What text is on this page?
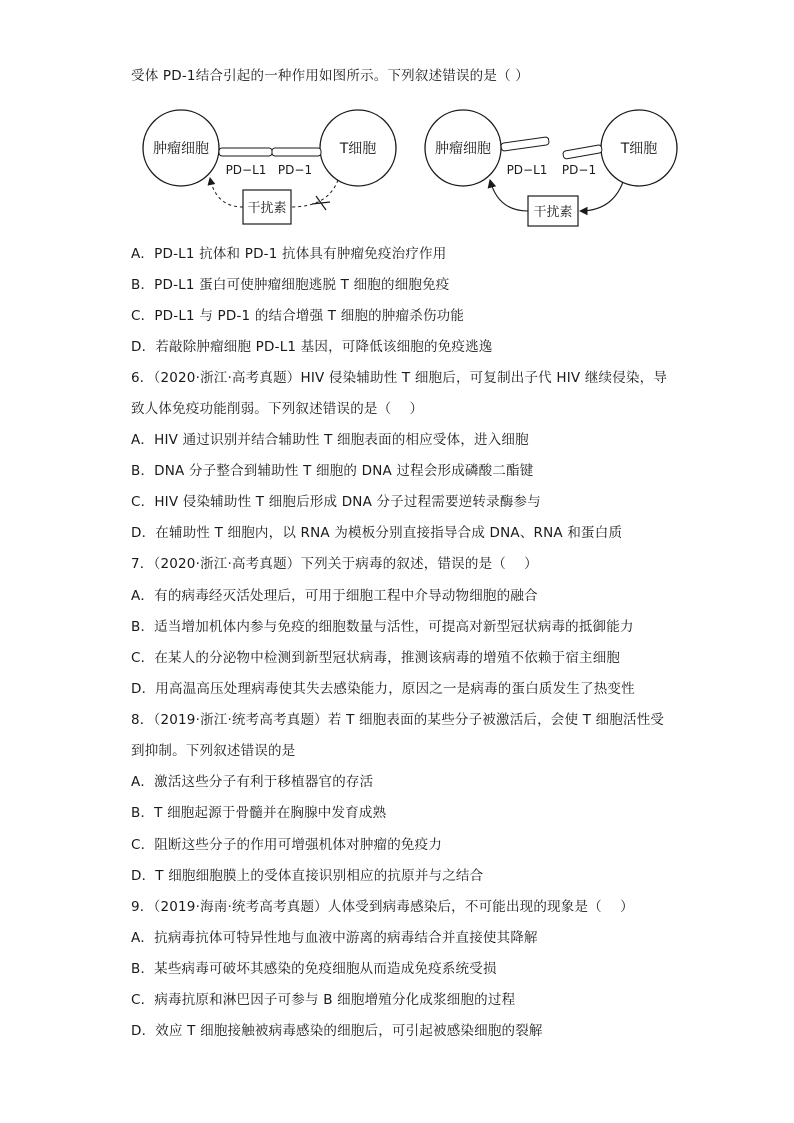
受体 PD-1结合引起的一种作用如图所示。下列叙述错误的是（ ）
肿瘤细胞	T细胞
PD−L1 PD−1
干扰素
肿瘤细胞	T细胞
PD−L1 PD−1
干扰素
A．PD-L1 抗体和 PD-1 抗体具有肿瘤免疫治疗作用
B．PD-L1 蛋白可使肿瘤细胞逃脱 T 细胞的细胞免疫
C．PD-L1 与 PD-1 的结合增强 T 细胞的肿瘤杀伤功能
D．若敲除肿瘤细胞 PD-L1 基因，可降低该细胞的免疫逃逸
6．（2020·浙江·高考真题）HIV 侵染辅助性 T 细胞后，可复制出子代 HIV 继续侵染，导
致人体免疫功能削弱。下列叙述错误的是（　 ）
A．HIV 通过识别并结合辅助性 T 细胞表面的相应受体，进入细胞
B．DNA 分子整合到辅助性 T 细胞的 DNA 过程会形成磷酸二酯键
C．HIV 侵染辅助性 T 细胞后形成 DNA 分子过程需要逆转录酶参与
D．在辅助性 T 细胞内，以 RNA 为模板分别直接指导合成 DNA、RNA 和蛋白质
7．（2020·浙江·高考真题）下列关于病毒的叙述，错误的是（　 ）
A．有的病毒经灭活处理后，可用于细胞工程中介导动物细胞的融合
B．适当增加机体内参与免疫的细胞数量与活性，可提高对新型冠状病毒的抵御能力
C．在某人的分泌物中检测到新型冠状病毒，推测该病毒的增殖不依赖于宿主细胞
D．用高温高压处理病毒使其失去感染能力，原因之一是病毒的蛋白质发生了热变性
8．（2019·浙江·统考高考真题）若 T 细胞表面的某些分子被激活后，会使 T 细胞活性受
到抑制。下列叙述错误的是
A．激活这些分子有利于移植器官的存活
B．T 细胞起源于骨髓并在胸腺中发育成熟
C．阻断这些分子的作用可增强机体对肿瘤的免疫力
D．T 细胞细胞膜上的受体直接识别相应的抗原并与之结合
9．（2019·海南·统考高考真题）人体受到病毒感染后，不可能出现的现象是（　 ）
A．抗病毒抗体可特异性地与血液中游离的病毒结合并直接使其降解
B．某些病毒可破坏其感染的免疫细胞从而造成免疫系统受损
C．病毒抗原和淋巴因子可参与 B 细胞增殖分化成浆细胞的过程
D．效应 T 细胞接触被病毒感染的细胞后，可引起被感染细胞的裂解
